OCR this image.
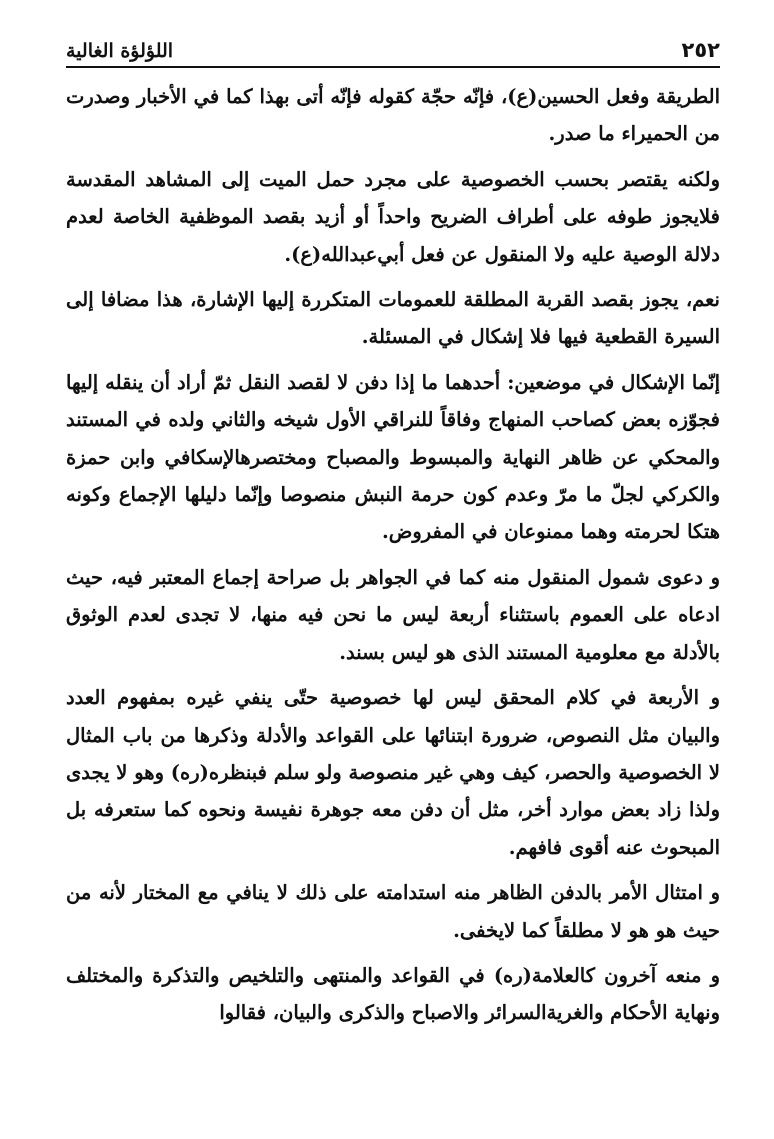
٢٥٢
اللؤلؤة الغالية

الطريقة وفعل الحسين(ع)، فإنّه حجّة كقوله فإنّه أتى بهذا كما في الأخبار وصدرت من الحميراء ما صدر.

ولكنه يقتصر بحسب الخصوصية على مجرد حمل الميت إلى المشاهد المقدسة فلايجوز طوفه على أطراف الضريح واحداً أو أزيد بقصد الموظفية الخاصة لعدم دلالة الوصية عليه ولا المنقول عن فعل أبي‌عبدالله(ع).

نعم، يجوز بقصد القربة المطلقة للعمومات المتكررة إليها الإشارة، هذا مضافا إلى السيرة القطعية فيها فلا إشكال في المسئلة.

إنّما الإشكال في موضعين: أحدهما ما إذا دفن لا لقصد النقل ثمّ أراد أن ينقله إليها فجوّزه بعض كصاحب المنهاج وفاقاً للنراقي الأول شيخه والثاني ولده في المستند والمحكي عن ظاهر النهاية والمبسوط والمصباح ومختصرهالإسكافي وابن حمزة والكركي لجلّ ما مرّ وعدم كون حرمة النبش منصوصا وإنّما دليلها الإجماع وكونه هتكا لحرمته وهما ممنوعان في المفروض.

و دعوى شمول المنقول منه كما في الجواهر بل صراحة إجماع المعتبر فيه، حيث ادعاه على العموم باستثناء أربعة ليس ما نحن فيه منها، لا تجدى لعدم الوثوق بالأدلة مع معلومية المستند الذى هو ليس بسند.

و الأربعة في كلام المحقق ليس لها خصوصية حتّى ينفي غيره بمفهوم العدد والبيان مثل النصوص، ضرورة ابتنائها على القواعد والأدلة وذكرها من باب المثال لا الخصوصية والحصر، كيف وهي غير منصوصة ولو سلم فبنظره(ره) وهو لا يجدى ولذا زاد بعض موارد أخر، مثل أن دفن معه جوهرة نفيسة ونحوه كما ستعرفه بل المبحوث عنه أقوى فافهم.

و امتثال الأمر بالدفن الظاهر منه استدامته على ذلك لا ينافي مع المختار لأنه من حيث هو هو لا مطلقاً كما لايخفى.

و منعه آخرون كالعلامة(ره) في القواعد والمنتهى والتلخيص والتذكرة والمختلف ونهاية الأحكام والغريةالسرائر والاصباح والذكرى والبيان، فقالوا
